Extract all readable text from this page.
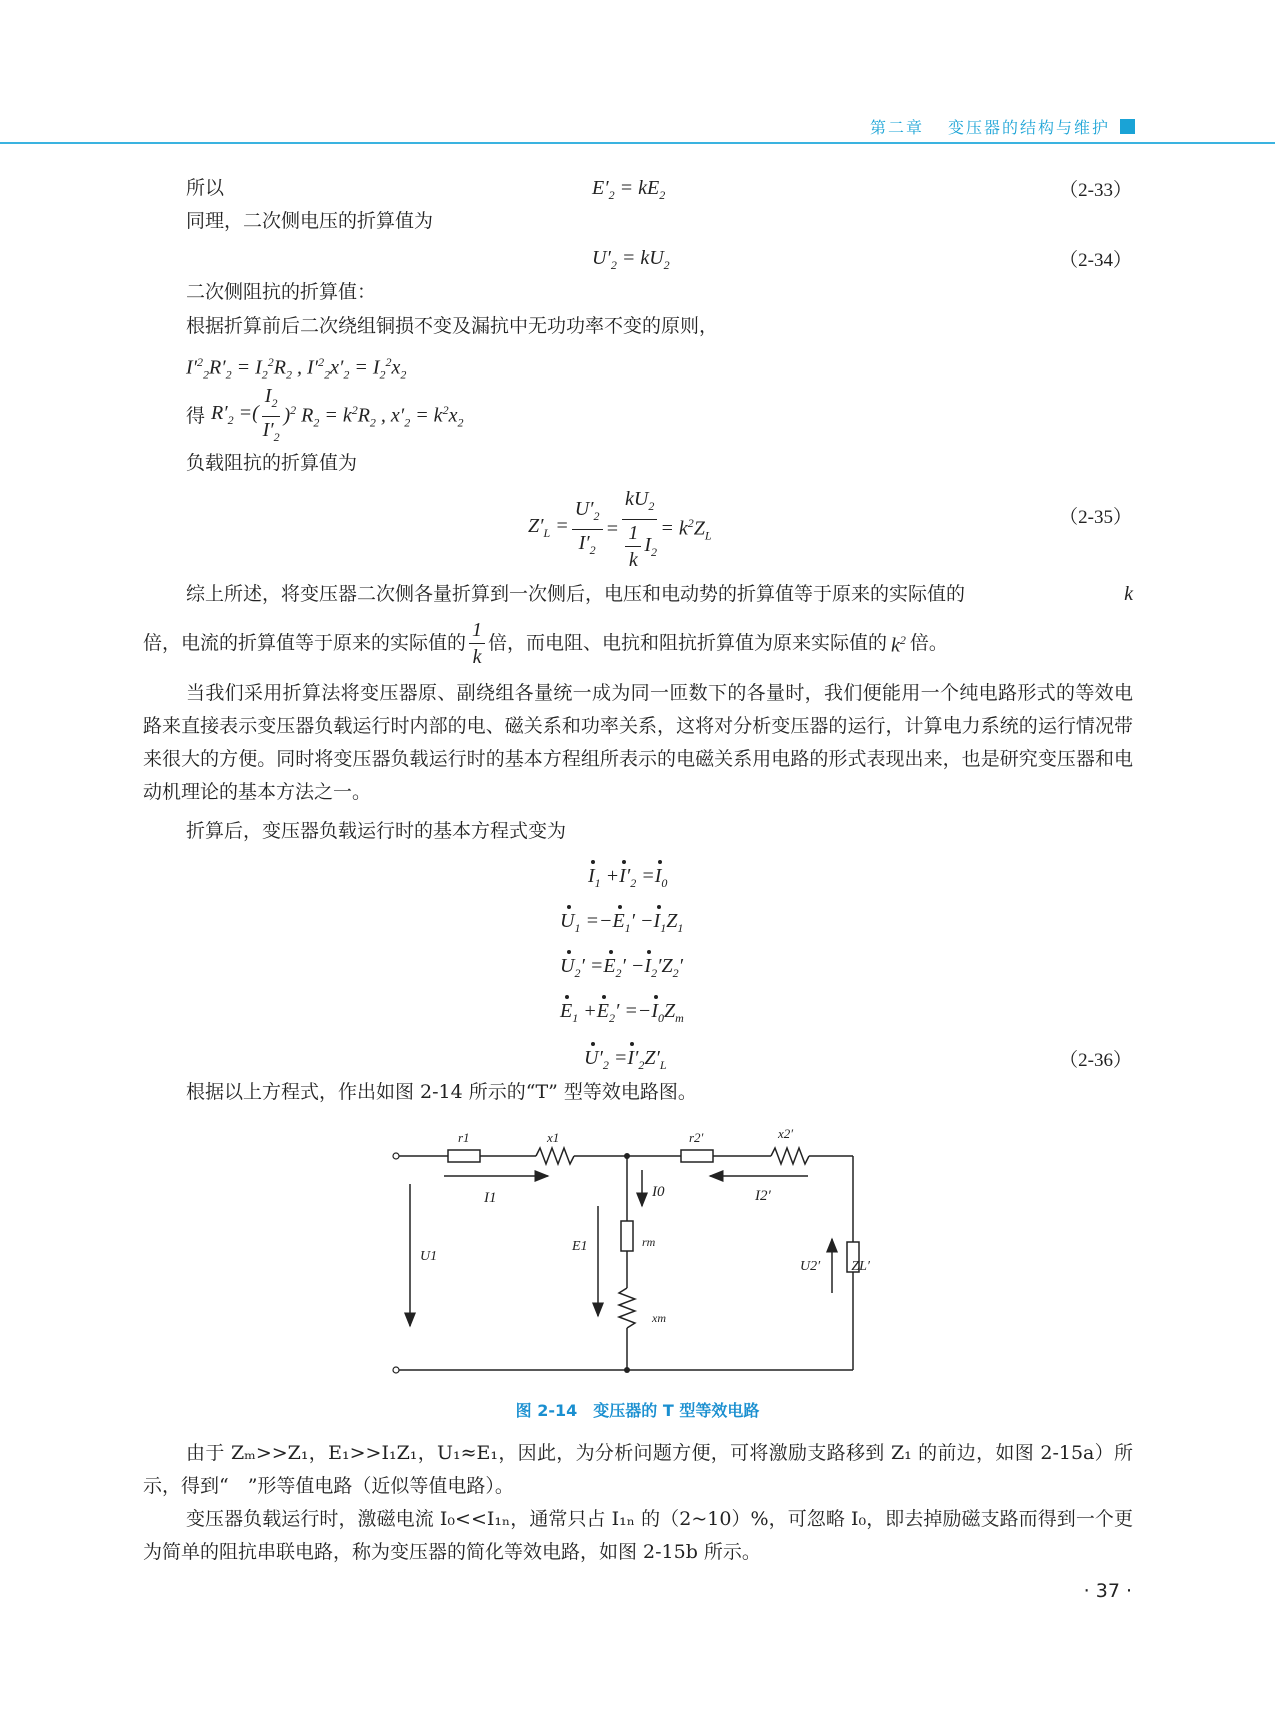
第二章 变压器的结构与维护
所以	$E'_2 = kE_2$	（2-33）
同理，二次侧电压的折算值为
$U'_2 = kU_2$	（2-34）
二次侧阻抗的折算值：
根据折算前后二次绕组铜损不变及漏抗中无功功率不变的原则，
$I'^2_2R'_2 = I_2^2R_2$ , $I'^2_2x'_2 = I_2^2x_2$
得 $R'_2$ =( $\frac{I_2}{I'_2} )^2$ $R_2 = k^2R_2$ , $x'_2 = k^2x_2$
负载阻抗的折算值为
$Z'_L = \frac{U'_2}{I'_2} = \frac{kU_2}{\frac{1}{k} I_2} = k^2Z_L$
（2-35）
综上所述，将变压器二次侧各量折算到一次侧后，电压和电动势的折算值等于原来的实际值的	k
倍，电流的折算值等于原来的实际值的 $\frac{1}{k}$ 倍，而电阻、电抗和阻抗折算值为原来实际值的 $k^2$ 倍。
当我们采用折算法将变压器原、副绕组各量统一成为同一匝数下的各量时，我们便能用一个纯电路形式的等效电路来直接表示变压器负载运行时内部的电、磁关系和功率关系，这将对分析变压器的运行，计算电力系统的运行情况带来很大的方便。同时将变压器负载运行时的基本方程组所表示的电磁关系用电路的形式表现出来，也是研究变压器和电动机理论的基本方法之一。
折算后，变压器负载运行时的基本方程式变为
$I_1 +I'_2 =I_0$
$U_1 =-E_1' -I_1Z_1$
$U_2' =E_2' -I_2'Z_2'$
$E_1 +E_2' =-I_0Z_m$
$U'_2 =I'_2Z'_L$	（2-36）
根据以上方程式，作出如图 2-14 所示的“T” 型等效电路图。
r1	x1	r2′	x2′
I1	I0	I2′
U1
E1	rm
xm
U2′ ZL′
图 2-14　变压器的 T 型等效电路
由于 Zₘ>>Z₁，E₁>>I₁Z₁，U₁≈E₁，因此，为分析问题方便，可将激励支路移到 Z₁ 的前边，如图 2-15a）所示，得到“　”形等值电路（近似等值电路）。
变压器负载运行时，激磁电流 I₀<<I₁ₙ，通常只占 I₁ₙ 的（2~10）%，可忽略 I₀，即去掉励磁支路而得到一个更为简单的阻抗串联电路，称为变压器的简化等效电路，如图 2-15b 所示。
· 37 ·
